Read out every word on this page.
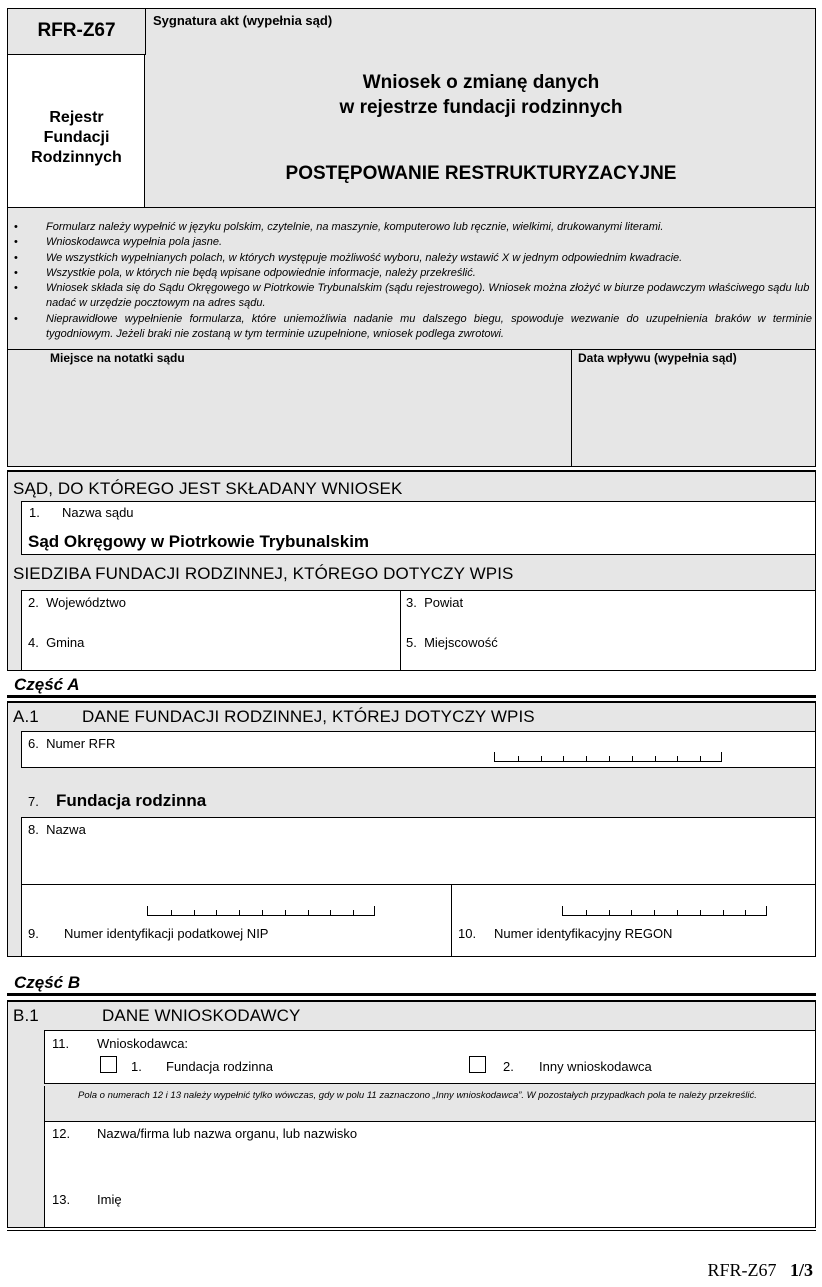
RFR-Z67	Sygnatura akt (wypełnia sąd)
Rejestr
Fundacji
Rodzinnych
Wniosek o zmianę danych
w rejestrze fundacji rodzinnych
POSTĘPOWANIE RESTRUKTURYZACYJNE
• Formularz należy wypełnić w języku polskim, czytelnie, na maszynie, komputerowo lub ręcznie, wielkimi, drukowanymi literami.
• Wnioskodawca wypełnia pola jasne.
• We wszystkich wypełnianych polach, w których występuje możliwość wyboru, należy wstawić X w jednym odpowiednim kwadracie.
• Wszystkie pola, w których nie będą wpisane odpowiednie informacje, należy przekreślić.
• Wniosek składa się do Sądu Okręgowego w Piotrkowie Trybunalskim (sądu rejestrowego). Wniosek można złożyć w biurze podawczym właściwego sądu lub nadać w urzędzie pocztowym na adres sądu.
• Nieprawidłowe wypełnienie formularza, które uniemożliwia nadanie mu dalszego biegu, spowoduje wezwanie do uzupełnienia braków w terminie tygodniowym. Jeżeli braki nie zostaną w tym terminie uzupełnione, wniosek podlega zwrotowi.
Miejsce na notatki sądu	Data wpływu (wypełnia sąd)
SĄD, DO KTÓREGO JEST SKŁADANY WNIOSEK
1. Nazwa sądu
Sąd Okręgowy w Piotrkowie Trybunalskim
SIEDZIBA FUNDACJI RODZINNEJ, KTÓREGO DOTYCZY WPIS
2.  Województwo	3.  Powiat
4.  Gmina	5.  Miejscowość
Część A
A.1	DANE FUNDACJI RODZINNEJ, KTÓREJ DOTYCZY WPIS
6.  Numer RFR
7. Fundacja rodzinna
8.  Nazwa
9. Numer identyfikacji podatkowej NIP	10. Numer identyfikacyjny REGON
Część B
B.1	DANE WNIOSKODAWCY
11. Wnioskodawca:
1. Fundacja rodzinna	2. Inny wnioskodawca
Pola o numerach 12 i 13 należy wypełnić tylko wówczas, gdy w polu 11 zaznaczono „Inny wnioskodawca”. W pozostałych przypadkach pola te należy przekreślić.
12. Nazwa/firma lub nazwa organu, lub nazwisko
13. Imię
RFR-Z67 1/3
